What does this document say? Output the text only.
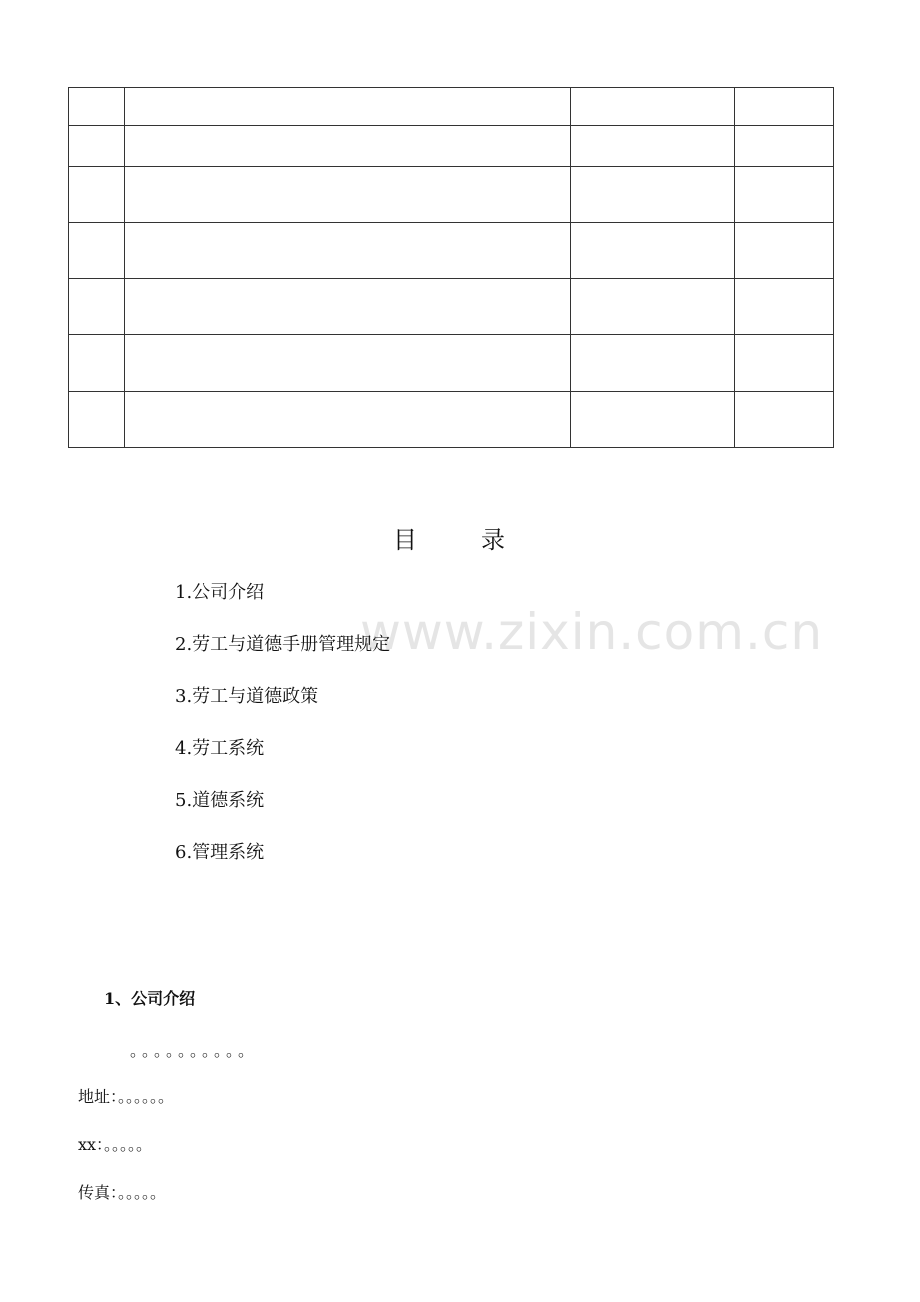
目录
www.zixin.com.cn
1.公司介绍
2.劳工与道德手册管理规定
3.劳工与道德政策
4.劳工系统
5.道德系统
6.管理系统
1、公司介绍
。。。。。。。。。。
地址：。。。。。。
xx：。。。。。
传真：。。。。。
